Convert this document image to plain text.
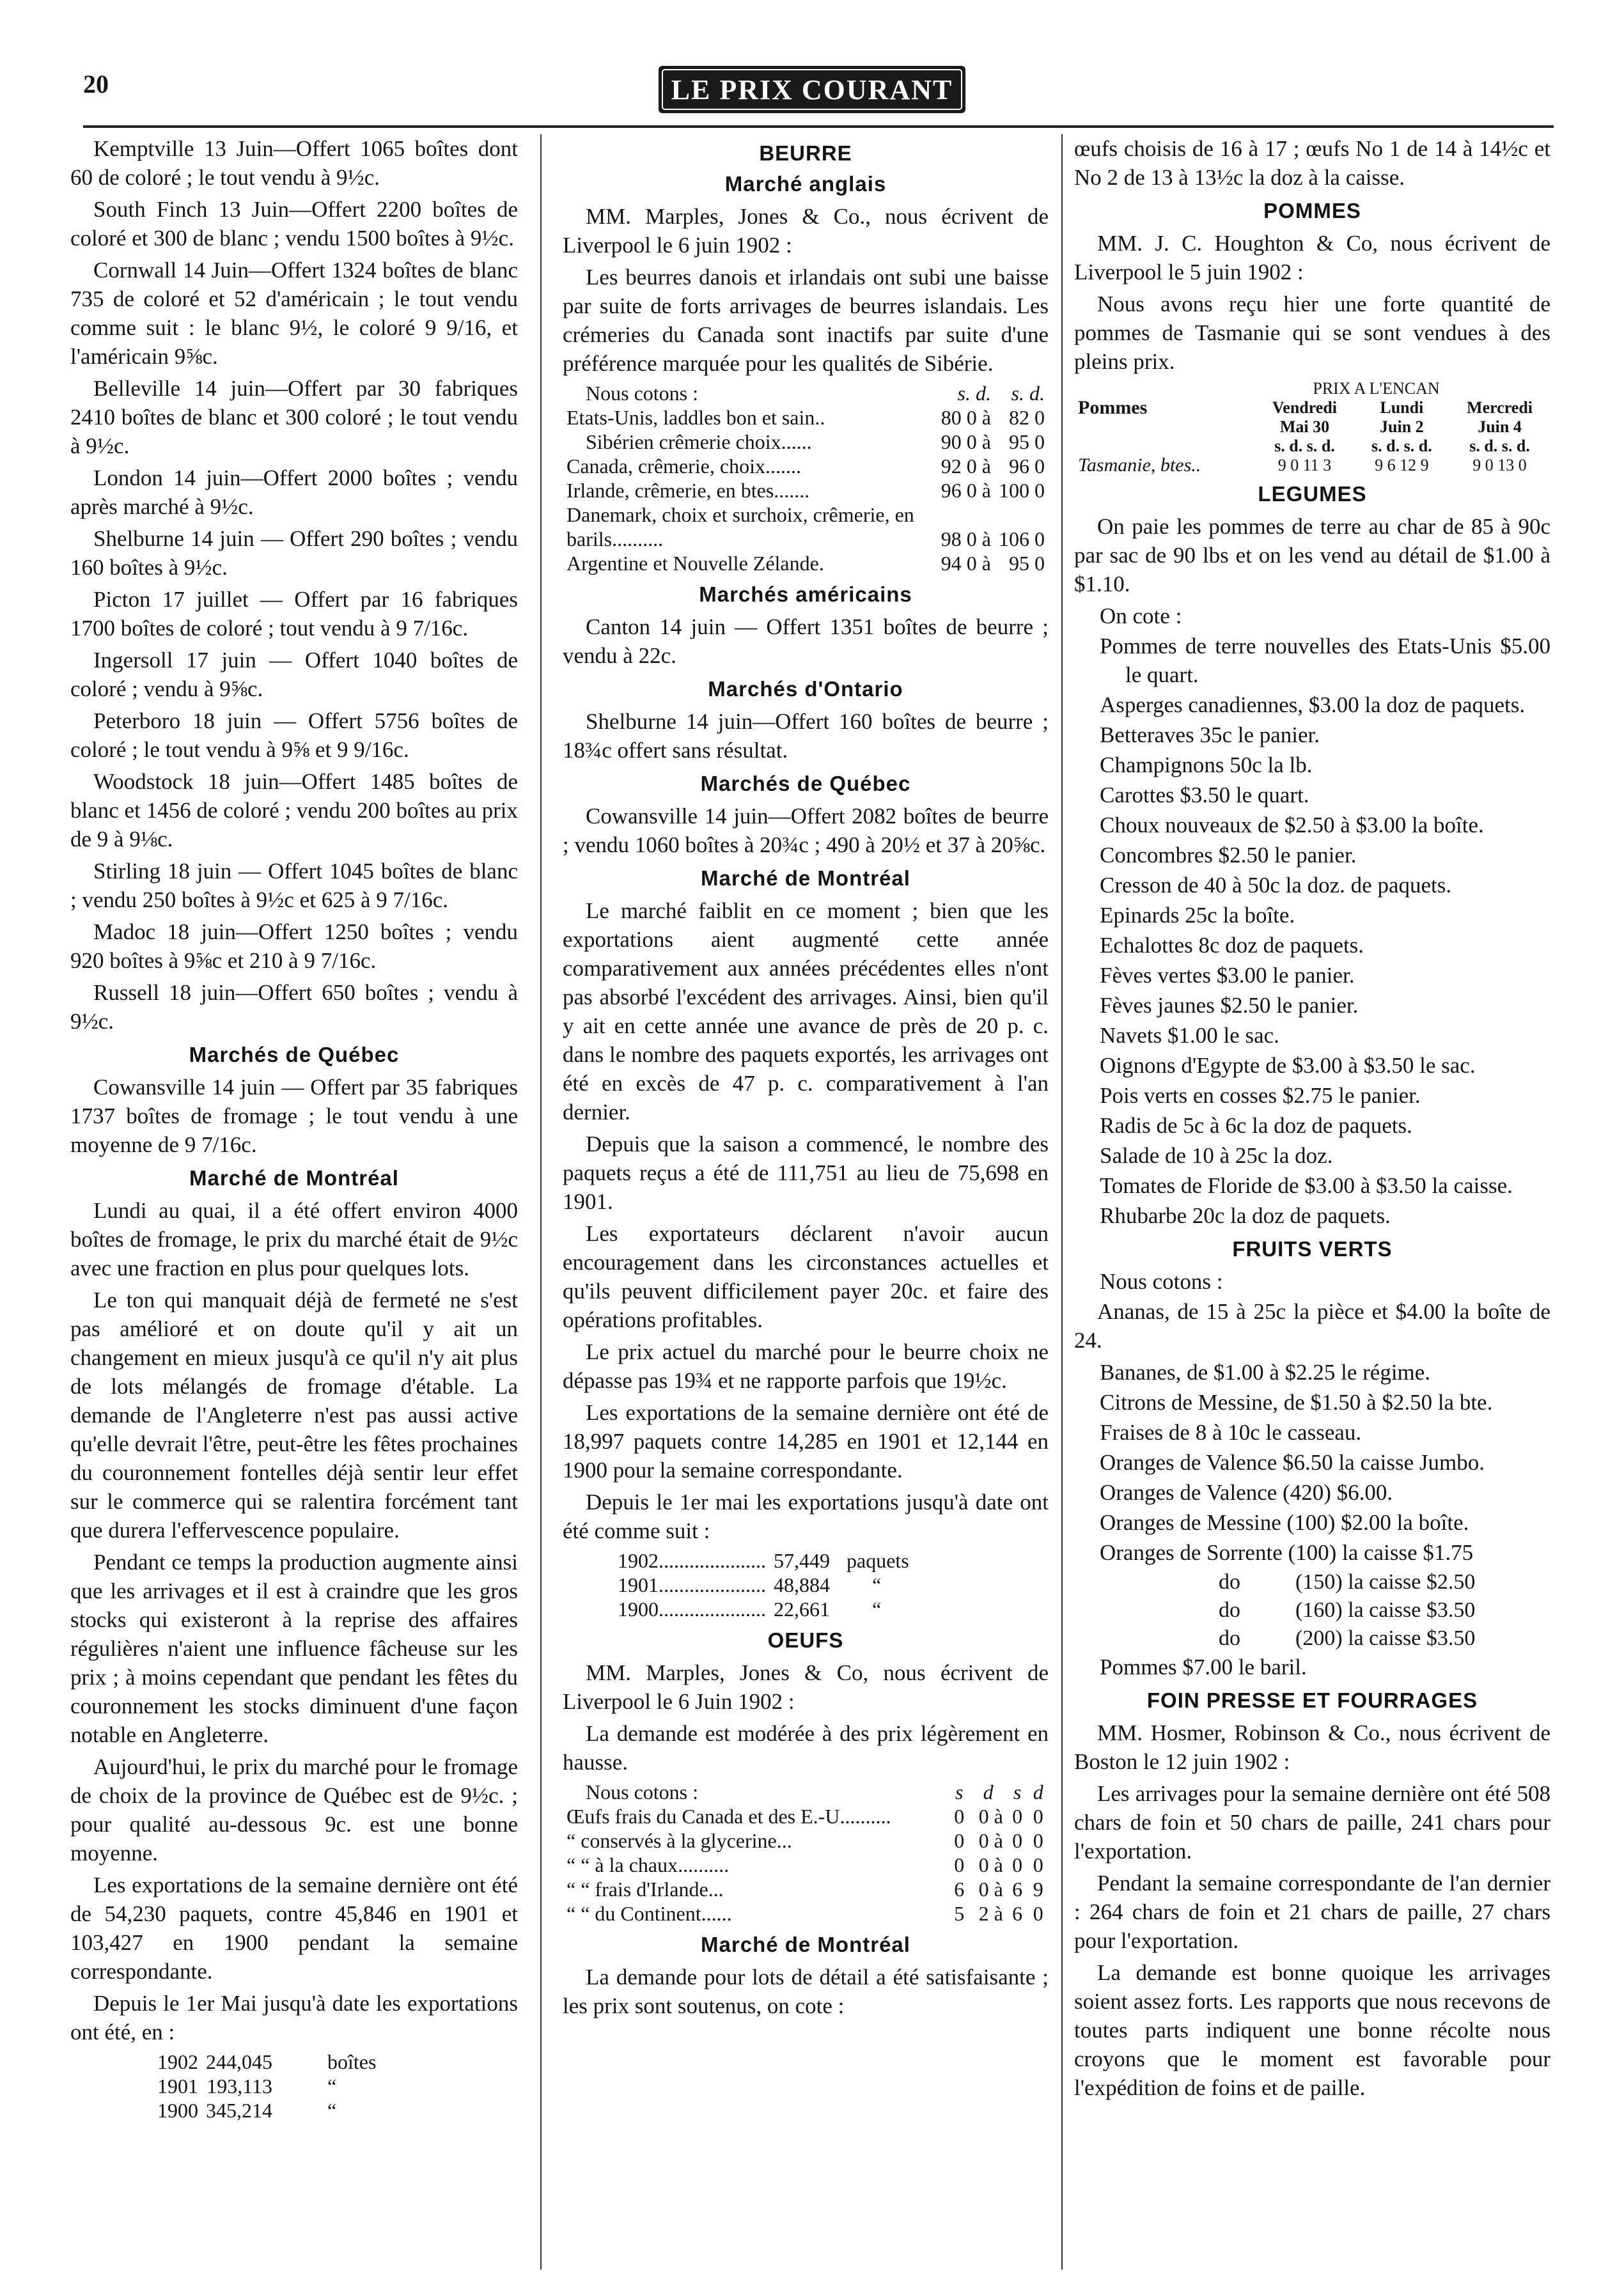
20	LE PRIX COURANT

Kemptville 13 Juin—Offert 1065 boîtes dont 60 de coloré ; le tout vendu à 9½c.

South Finch 13 Juin—Offert 2200 boîtes de coloré et 300 de blanc ; vendu 1500 boîtes à 9½c.

Cornwall 14 Juin—Offert 1324 boîtes de blanc 735 de coloré et 52 d'américain ; le tout vendu comme suit : le blanc 9½, le coloré 9 9/16, et l'américain 9⅝c.

Belleville 14 juin—Offert par 30 fabriques 2410 boîtes de blanc et 300 coloré ; le tout vendu à 9½c.

London 14 juin—Offert 2000 boîtes ; vendu après marché à 9½c.

Shelburne 14 juin — Offert 290 boîtes ; vendu 160 boîtes à 9½c.

Picton 17 juillet — Offert par 16 fabriques 1700 boîtes de coloré ; tout vendu à 9 7/16c.

Ingersoll 17 juin — Offert 1040 boîtes de coloré ; vendu à 9⅝c.

Peterboro 18 juin — Offert 5756 boîtes de coloré ; le tout vendu à 9⅝ et 9 9/16c.

Woodstock 18 juin—Offert 1485 boîtes de blanc et 1456 de coloré ; vendu 200 boîtes au prix de 9 à 9⅛c.

Stirling 18 juin — Offert 1045 boîtes de blanc ; vendu 250 boîtes à 9½c et 625 à 9 7/16c.

Madoc 18 juin—Offert 1250 boîtes ; vendu 920 boîtes à 9⅝c et 210 à 9 7/16c.

Russell 18 juin—Offert 650 boîtes ; vendu à 9½c.

Marchés de Québec

Cowansville 14 juin — Offert par 35 fabriques 1737 boîtes de fromage ; le tout vendu à une moyenne de 9 7/16c.

Marché de Montréal

Lundi au quai, il a été offert environ 4000 boîtes de fromage, le prix du marché était de 9½c avec une fraction en plus pour quelques lots.

Le ton qui manquait déjà de fermeté ne s'est pas amélioré et on doute qu'il y ait un changement en mieux jusqu'à ce qu'il n'y ait plus de lots mélangés de fromage d'étable. La demande de l'Angleterre n'est pas aussi active qu'elle devrait l'être, peut-être les fêtes prochaines du couronnement fontelles déjà sentir leur effet sur le commerce qui se ralentira forcément tant que durera l'effervescence populaire.

Pendant ce temps la production augmente ainsi que les arrivages et il est à craindre que les gros stocks qui existeront à la reprise des affaires régulières n'aient une influence fâcheuse sur les prix ; à moins cependant que pendant les fêtes du couronnement les stocks diminuent d'une façon notable en Angleterre.

Aujourd'hui, le prix du marché pour le fromage de choix de la province de Québec est de 9½c. ; pour qualité au-dessous 9c. est une bonne moyenne.

Les exportations de la semaine dernière ont été de 54,230 paquets, contre 45,846 en 1901 et 103,427 en 1900 pendant la semaine correspondante.

Depuis le 1er Mai jusqu'à date les exportations ont été, en :

1902	244,045	boîtes
1901	193,113	“
1900	345,214	“
BEURRE
Marché anglais

MM. Marples, Jones & Co., nous écrivent de Liverpool le 6 juin 1902 :

Les beurres danois et irlandais ont subi une baisse par suite de forts arrivages de beurres islandais. Les crémeries du Canada sont inactifs par suite d'une préférence marquée pour les qualités de Sibérie.

Nous cotons :	s. d.	s. d.
Etats-Unis, laddles bon et sain..	80 0 à	82 0
Sibérien crêmerie choix......	90 0 à	95 0
Canada, crêmerie, choix.......	92 0 à	96 0
Irlande, crêmerie, en btes.......	96 0 à	100 0
Danemark, choix et surchoix, crêmerie, en barils..........	98 0 à	106 0
Argentine et Nouvelle Zélande.	94 0 à	95 0
Marchés américains

Canton 14 juin — Offert 1351 boîtes de beurre ; vendu à 22c.

Marchés d'Ontario

Shelburne 14 juin—Offert 160 boîtes de beurre ; 18¾c offert sans résultat.

Marchés de Québec

Cowansville 14 juin—Offert 2082 boîtes de beurre ; vendu 1060 boîtes à 20¾c ; 490 à 20½ et 37 à 20⅝c.

Marché de Montréal

Le marché faiblit en ce moment ; bien que les exportations aient augmenté cette année comparativement aux années précédentes elles n'ont pas absorbé l'excédent des arrivages. Ainsi, bien qu'il y ait en cette année une avance de près de 20 p. c. dans le nombre des paquets exportés, les arrivages ont été en excès de 47 p. c. comparativement à l'an dernier.

Depuis que la saison a commencé, le nombre des paquets reçus a été de 111,751 au lieu de 75,698 en 1901.

Les exportateurs déclarent n'avoir aucun encouragement dans les circonstances actuelles et qu'ils peuvent difficilement payer 20c. et faire des opérations profitables.

Le prix actuel du marché pour le beurre choix ne dépasse pas 19¾ et ne rapporte parfois que 19½c.

Les exportations de la semaine dernière ont été de 18,997 paquets contre 14,285 en 1901 et 12,144 en 1900 pour la semaine correspondante.

Depuis le 1er mai les exportations jusqu'à date ont été comme suit :

1902.....................	57,449	paquets
1901.....................	48,884	“
1900.....................	22,661	“
OEUFS

MM. Marples, Jones & Co, nous écrivent de Liverpool le 6 Juin 1902 :

La demande est modérée à des prix légèrement en hausse.

Nous cotons :	s	d	s	d
Œufs frais du Canada et des E.-U..........	0	0 à	0	0
“ conservés à la glycerine...	0	0 à	0	0
“ “ à la chaux..........	0	0 à	0	0
“ “ frais d'Irlande...	6	0 à	6	9
“ “ du Continent......	5	2 à	6	0
Marché de Montréal

La demande pour lots de détail a été satisfaisante ; les prix sont soutenus, on cote :

œufs choisis de 16 à 17 ; œufs No 1 de 14 à 14½c et No 2 de 13 à 13½c la doz à la caisse.

POMMES

MM. J. C. Houghton & Co, nous écrivent de Liverpool le 5 juin 1902 :

Nous avons reçu hier une forte quantité de pommes de Tasmanie qui se sont vendues à des pleins prix.

PRIX A L'ENCAN
Pommes	Vendredi	Lundi	Mercredi
	Mai 30	Juin 2	Juin 4
	s. d. s. d.	s. d. s. d.	s. d. s. d.
Tasmanie, btes..	9 0 11 3	9 6 12 9	9 0 13 0
LEGUMES

On paie les pommes de terre au char de 85 à 90c par sac de 90 lbs et on les vend au détail de $1.00 à $1.10.

On cote :

Pommes de terre nouvelles des Etats-Unis $5.00 le quart.

Asperges canadiennes, $3.00 la doz de paquets.

Betteraves 35c le panier.

Champignons 50c la lb.

Carottes $3.50 le quart.

Choux nouveaux de $2.50 à $3.00 la boîte.

Concombres $2.50 le panier.

Cresson de 40 à 50c la doz. de paquets.

Epinards 25c la boîte.

Echalottes 8c doz de paquets.

Fèves vertes $3.00 le panier.

Fèves jaunes $2.50 le panier.

Navets $1.00 le sac.

Oignons d'Egypte de $3.00 à $3.50 le sac.

Pois verts en cosses $2.75 le panier.

Radis de 5c à 6c la doz de paquets.

Salade de 10 à 25c la doz.

Tomates de Floride de $3.00 à $3.50 la caisse.

Rhubarbe 20c la doz de paquets.

FRUITS VERTS

Nous cotons :

Ananas, de 15 à 25c la pièce et $4.00 la boîte de 24.

Bananes, de $1.00 à $2.25 le régime.

Citrons de Messine, de $1.50 à $2.50 la bte.

Fraises de 8 à 10c le casseau.

Oranges de Valence $6.50 la caisse Jumbo.

Oranges de Valence (420) $6.00.

Oranges de Messine (100) $2.00 la boîte.

Oranges de Sorrente (100) la caisse $1.75

do	(150) la caisse $2.50
do	(160) la caisse $3.50
do	(200) la caisse $3.50

Pommes $7.00 le baril.

FOIN PRESSE ET FOURRAGES

MM. Hosmer, Robinson & Co., nous écrivent de Boston le 12 juin 1902 :

Les arrivages pour la semaine dernière ont été 508 chars de foin et 50 chars de paille, 241 chars pour l'exportation.

Pendant la semaine correspondante de l'an dernier : 264 chars de foin et 21 chars de paille, 27 chars pour l'exportation.

La demande est bonne quoique les arrivages soient assez forts. Les rapports que nous recevons de toutes parts indiquent une bonne récolte nous croyons que le moment est favorable pour l'expédition de foins et de paille.
